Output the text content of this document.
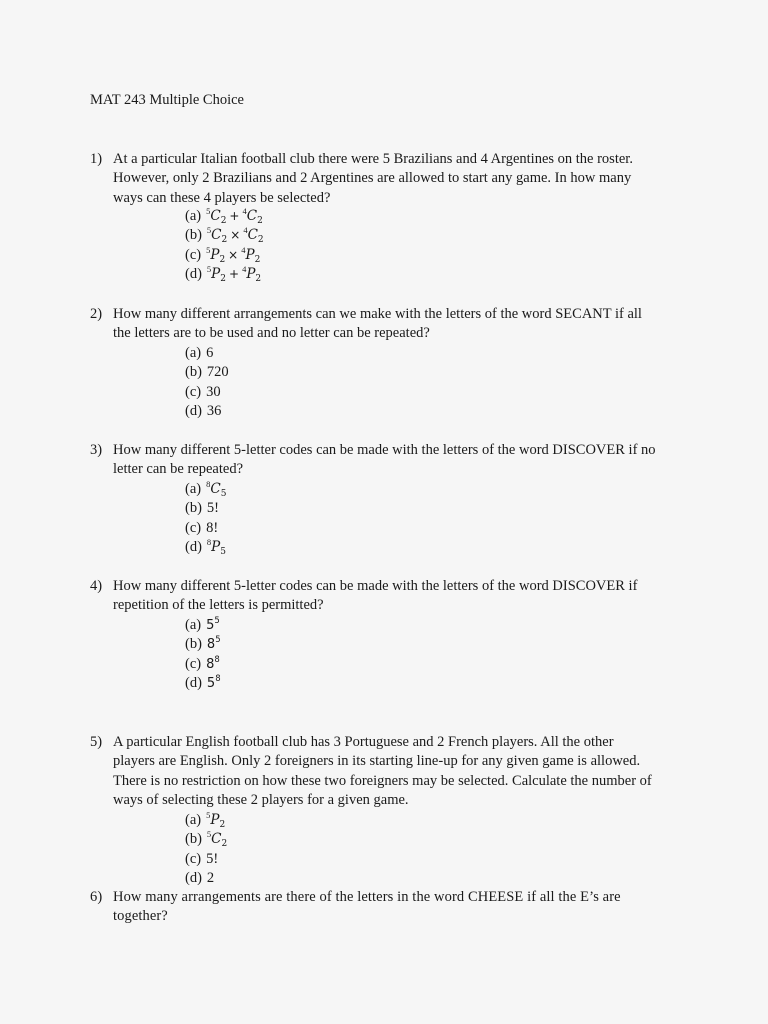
MAT 243 Multiple Choice
1) At a particular Italian football club there were 5 Brazilians and 4 Argentines on the roster.
However, only 2 Brazilians and 2 Argentines are allowed to start any game. In how many
ways can these 4 players be selected?
(a) $^5C_2 + ^4C_2$
(b) $^5C_2 \times ^4C_2$
(c) $^5P_2 \times ^4P_2$
(d) $^5P_2 + ^4P_2$
2) How many different arrangements can we make with the letters of the word SECANT if all
the letters are to be used and no letter can be repeated?
(a) 6
(b) 720
(c) 30
(d) 36
3) How many different 5-letter codes can be made with the letters of the word DISCOVER if no
letter can be repeated?
(a) $^8C_5$
(b) 5!
(c) 8!
(d) $^8P_5$
4) How many different 5-letter codes can be made with the letters of the word DISCOVER if
repetition of the letters is permitted?
(a) $5^5$
(b) $8^5$
(c) $8^8$
(d) $5^8$
5) A particular English football club has 3 Portuguese and 2 French players. All the other
players are English. Only 2 foreigners in its starting line-up for any given game is allowed.
There is no restriction on how these two foreigners may be selected. Calculate the number of
ways of selecting these 2 players for a given game.
(a) $^5P_2$
(b) $^5C_2$
(c) 5!
(d) 2
6) How many arrangements are there of the letters in the word CHEESE if all the E’s are
together?
